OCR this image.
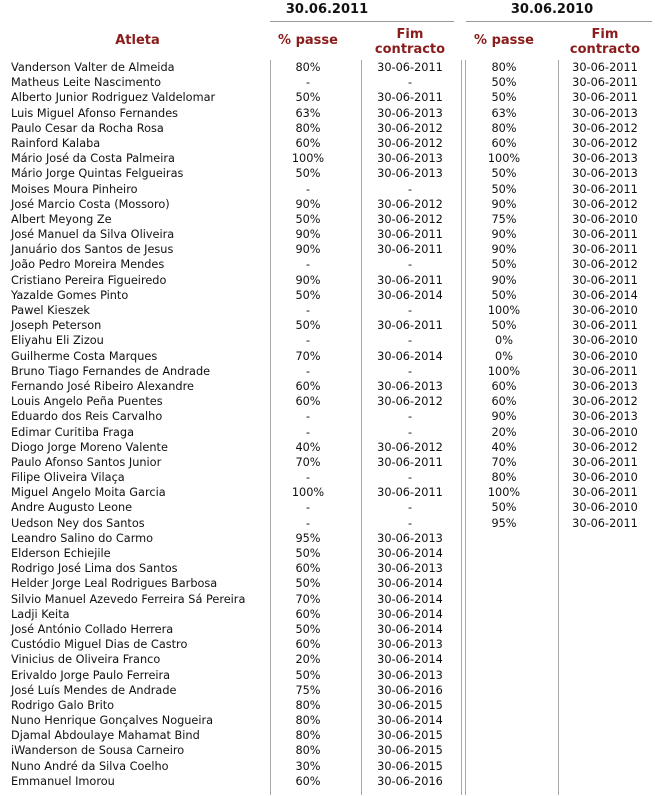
30.06.2011	30.06.2010
Atleta	% passe	Fim contracto
% passe	Fim contracto
Vanderson Valter de Almeida	80%	30-06-2011	80%	30-06-2011
Matheus Leite Nascimento	-	-	50%	30-06-2011
Alberto Junior Rodriguez Valdelomar	50%	30-06-2011	50%	30-06-2011
Luis Miguel Afonso Fernandes	63%	30-06-2013	63%	30-06-2013
Paulo Cesar da Rocha Rosa	80%	30-06-2012	80%	30-06-2012
Rainford Kalaba	60%	30-06-2012	60%	30-06-2012
Mário José da Costa Palmeira	100%	30-06-2013	100%	30-06-2013
Mário Jorge Quintas Felgueiras	50%	30-06-2013	50%	30-06-2013
Moises Moura Pinheiro	-	-	50%	30-06-2011
José Marcio Costa (Mossoro)	90%	30-06-2012	90%	30-06-2012
Albert Meyong Ze	50%	30-06-2012	75%	30-06-2010
José Manuel da Silva Oliveira	90%	30-06-2011	90%	30-06-2011
Januário dos Santos de Jesus	90%	30-06-2011	90%	30-06-2011
João Pedro Moreira Mendes	-	-	50%	30-06-2012
Cristiano Pereira Figueiredo	90%	30-06-2011	90%	30-06-2011
Yazalde Gomes Pinto	50%	30-06-2014	50%	30-06-2014
Pawel Kieszek	-	-	100%	30-06-2010
Joseph Peterson	50%	30-06-2011	50%	30-06-2011
Eliyahu Eli Zizou	-	-	0%	30-06-2010
Guilherme Costa Marques	70%	30-06-2014	0%	30-06-2010
Bruno Tiago Fernandes de Andrade	-	-	100%	30-06-2011
Fernando José Ribeiro Alexandre	60%	30-06-2013	60%	30-06-2013
Louis Angelo Peña Puentes	60%	30-06-2012	60%	30-06-2012
Eduardo dos Reis Carvalho	-	-	90%	30-06-2013
Edimar Curitiba Fraga	-	-	20%	30-06-2010
Diogo Jorge Moreno Valente	40%	30-06-2012	40%	30-06-2012
Paulo Afonso Santos Junior	70%	30-06-2011	70%	30-06-2011
Filipe Oliveira Vilaça	-	-	80%	30-06-2010
Miguel Angelo Moita Garcia	100%	30-06-2011	100%	30-06-2011
Andre Augusto Leone	-	-	50%	30-06-2010
Uedson Ney dos Santos	-	-	95%	30-06-2011
Leandro Salino do Carmo	95%	30-06-2013
Elderson Echiejile	50%	30-06-2014
Rodrigo José Lima dos Santos	60%	30-06-2013
Helder Jorge Leal Rodrigues Barbosa	50%	30-06-2014
Silvio Manuel Azevedo Ferreira Sá Pereira	70%	30-06-2014
Ladji Keita	60%	30-06-2014
José António Collado Herrera	50%	30-06-2014
Custódio Miguel Dias de Castro	60%	30-06-2013
Vinicius de Oliveira Franco	20%	30-06-2014
Erivaldo Jorge Paulo Ferreira	50%	30-06-2013
José Luís Mendes de Andrade	75%	30-06-2016
Rodrigo Galo Brito	80%	30-06-2015
Nuno Henrique Gonçalves Nogueira	80%	30-06-2014
Djamal Abdoulaye Mahamat Bind	80%	30-06-2015
iWanderson de Sousa Carneiro	80%	30-06-2015
Nuno André da Silva Coelho	30%	30-06-2015
Emmanuel Imorou	60%	30-06-2016
